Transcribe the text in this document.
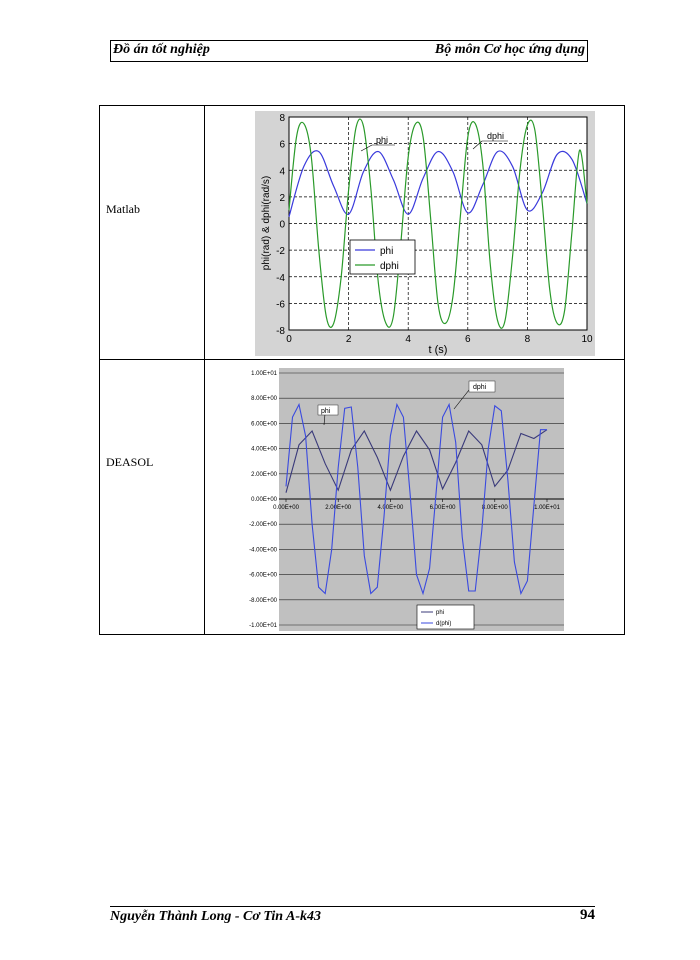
Đồ án tốt nghiệp	Bộ môn Cơ học ứng dụng
Matlab
DEASOL
0	2	4	6	8	10
8
6
4
2
0
-2
-4
-6
-8
t (s)
phi(rad) & dphi(rad/s)	phi
dphi
phi	dphi
1.00E+01
8.00E+00
6.00E+00
4.00E+00
2.00E+00
0.00E+00
-2.00E+00
-4.00E+00
-6.00E+00
-8.00E+00
-1.00E+01
0.00E+00	2.00E+00	4.00E+00	6.00E+00	8.00E+00	1.00E+01
phi
d(phi)
phi
dphi
Nguyễn Thành Long - Cơ Tin A-k43	94
